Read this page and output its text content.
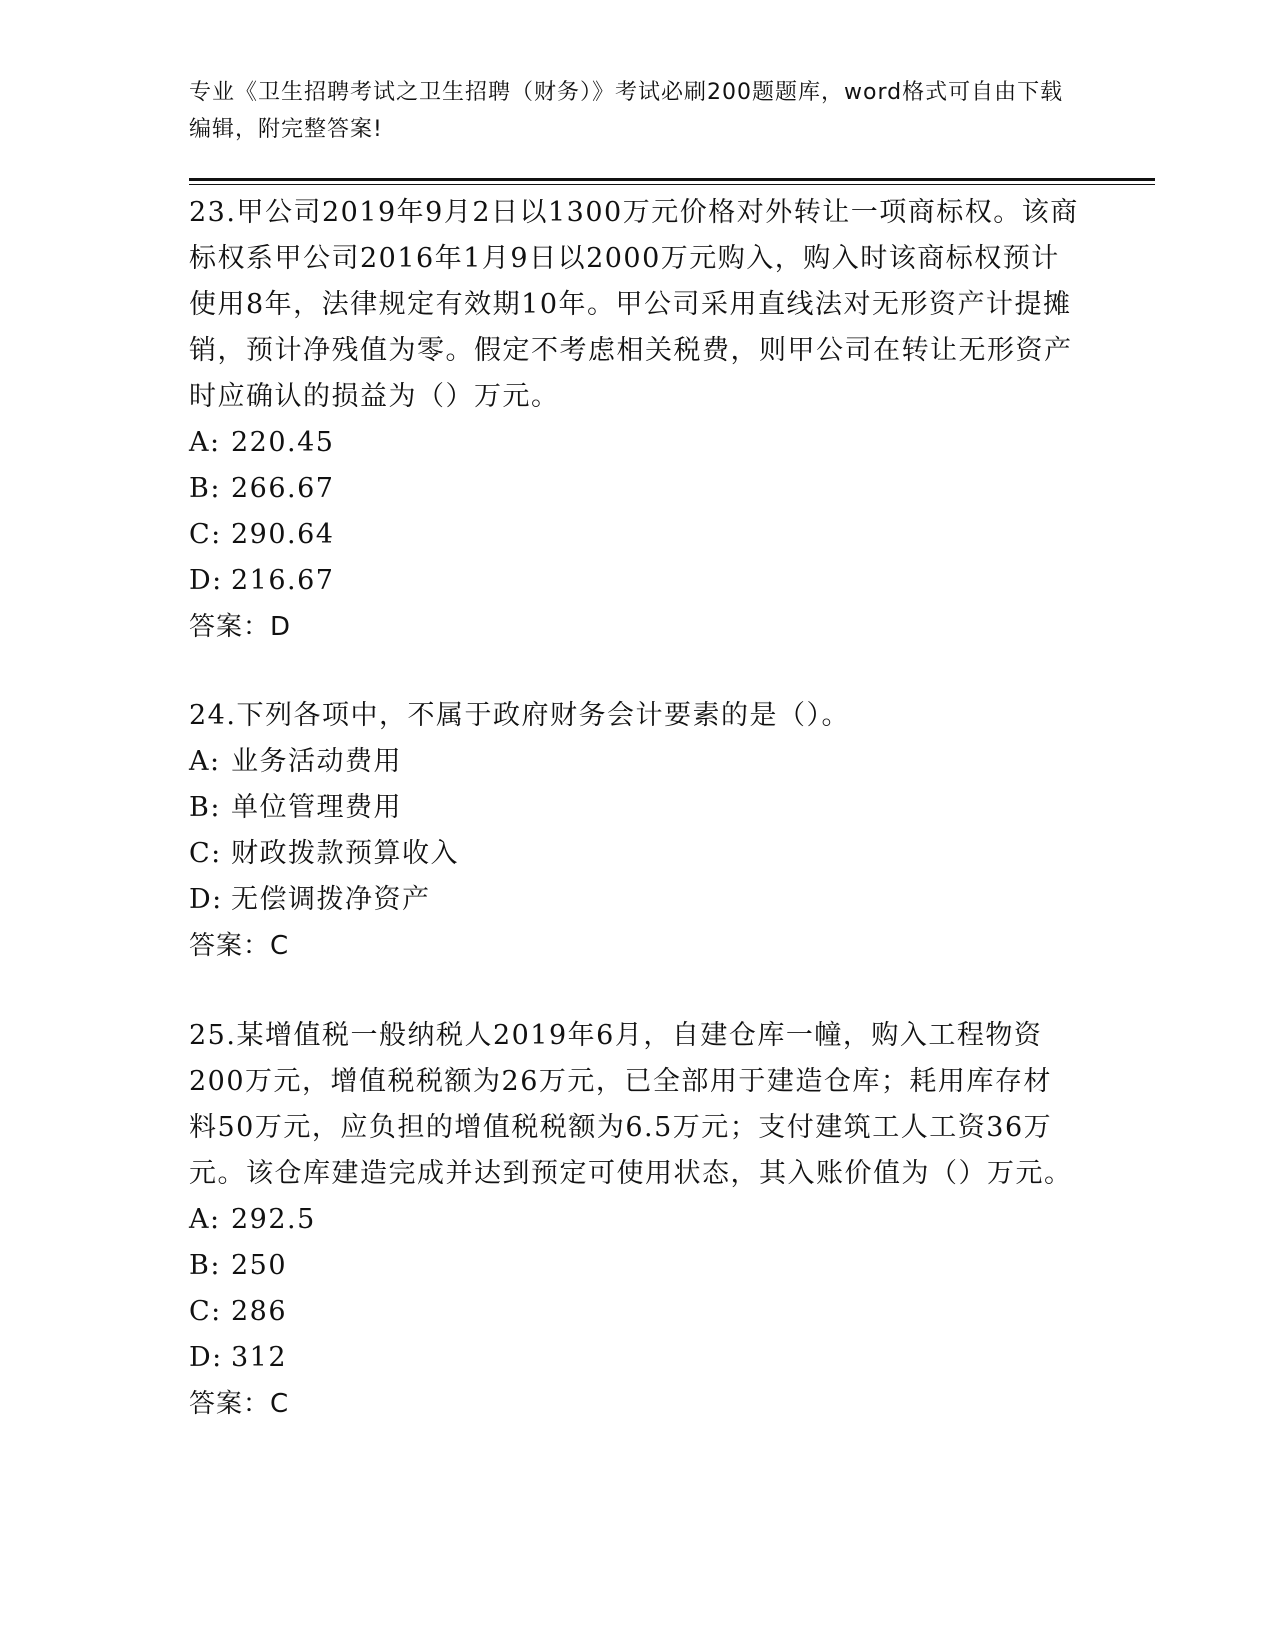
专业《卫生招聘考试之卫生招聘（财务）》考试必刷200题题库，word格式可自由下载编辑，附完整答案!

23.甲公司2019年9月2日以1300万元价格对外转让一项商标权。该商标权系甲公司2016年1月9日以2000万元购入，购入时该商标权预计使用8年，法律规定有效期10年。甲公司采用直线法对无形资产计提摊销，预计净残值为零。假定不考虑相关税费，则甲公司在转让无形资产时应确认的损益为（）万元。

A: 220.45

B: 266.67

C: 290.64

D: 216.67

答案：D

24.下列各项中，不属于政府财务会计要素的是（）。

A: 业务活动费用

B: 单位管理费用

C: 财政拨款预算收入

D: 无偿调拨净资产

答案：C

25.某增值税一般纳税人2019年6月，自建仓库一幢，购入工程物资200万元，增值税税额为26万元，已全部用于建造仓库；耗用库存材料50万元，应负担的增值税税额为6.5万元；支付建筑工人工资36万元。该仓库建造完成并达到预定可使用状态，其入账价值为（）万元。

A: 292.5

B: 250

C: 286

D: 312

答案：C
